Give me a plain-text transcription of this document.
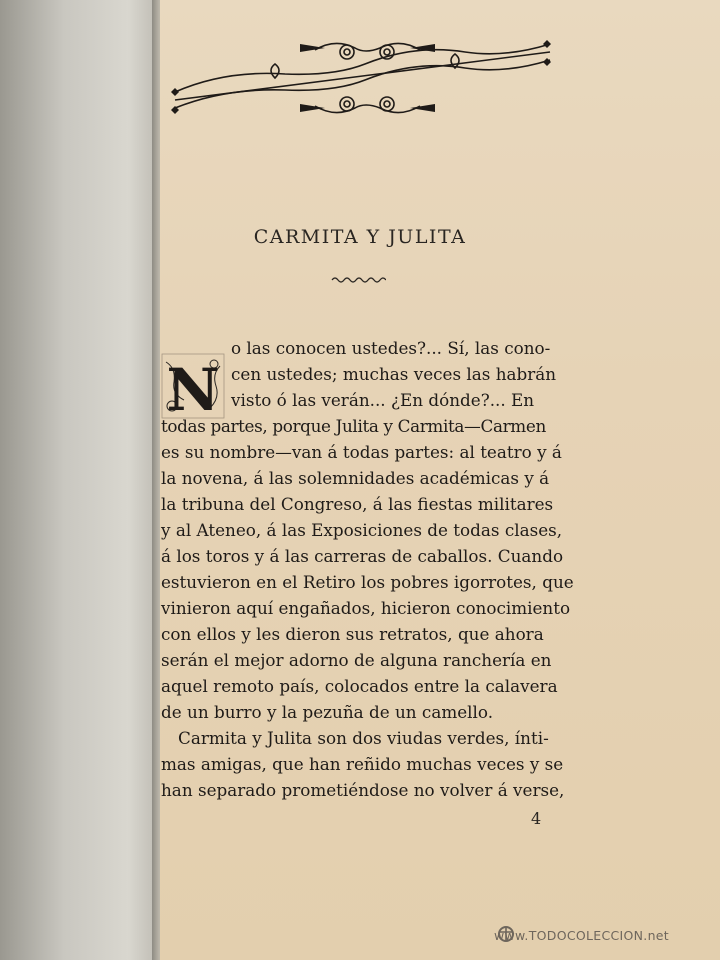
CARMITA Y JULITA
N
o las conocen ustedes?... Sí, las cono-
cen ustedes; muchas veces las habrán
visto ó las verán... ¿En dónde?... En
todas partes, porque Julita y Carmita—Carmen
es su nombre—van á todas partes: al teatro y á
la novena, á las solemnidades académicas y á
la tribuna del Congreso, á las fiestas militares
y al Ateneo, á las Exposiciones de todas clases,
á los toros y á las carreras de caballos. Cuando
estuvieron en el Retiro los pobres igorrotes, que
vinieron aquí engañados, hicieron conocimiento
con ellos y les dieron sus retratos, que ahora
serán el mejor adorno de alguna ranchería en
aquel remoto país, colocados entre la calavera
de un burro y la pezuña de un camello.
Carmita y Julita son dos viudas verdes, ínti-
mas amigas, que han reñido muchas veces y se
han separado prometiéndose no volver á verse,
4
www.TODOCOLECCION.net
